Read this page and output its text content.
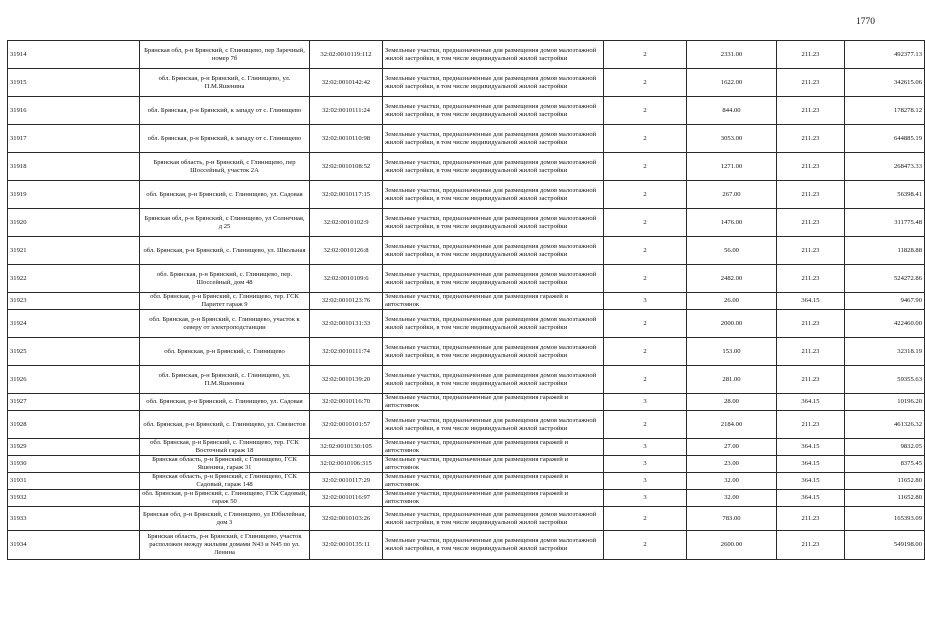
1770
31914	Брянская обл, р-н Брянский, с Глинищево, пер Заречный, номер 7б	32:02:0010119:112	Земельные участки, предназначенные для размещения домов малоэтажной жилой застройки, в том числе индивидуальной жилой застройки	2	2331.00	211.23	492377.13
31915	обл. Брянская, р-н Брянский, с. Глинищево, ул. П.М.Яшенина	32:02:0010142:42	Земельные участки, предназначенные для размещения домов малоэтажной жилой застройки, в том числе индивидуальной жилой застройки	2	1622.00	211.23	342615.06
31916	обл. Брянская, р-н Брянский, к западу от с. Глинищево	32:02:0010111:24	Земельные участки, предназначенные для размещения домов малоэтажной жилой застройки, в том числе индивидуальной жилой застройки	2	844.00	211.23	178278.12
31917	обл. Брянская, р-н Брянский, к западу от с. Глинищево	32:02:0010110:98	Земельные участки, предназначенные для размещения домов малоэтажной жилой застройки, в том числе индивидуальной жилой застройки	2	3053.00	211.23	644885.19
31918	Брянская область, р-н Брянский, с Глинищево, пер Шоссейный, участок 2А	32:02:0010108:52	Земельные участки, предназначенные для размещения домов малоэтажной жилой застройки, в том числе индивидуальной жилой застройки	2	1271.00	211.23	268473.33
31919	обл. Брянская, р-н Брянский, с. Глинищево, ул. Садовая	32:02:0010117:15	Земельные участки, предназначенные для размещения домов малоэтажной жилой застройки, в том числе индивидуальной жилой застройки	2	267.00	211.23	56398.41
31920	Брянская обл, р-н Брянский, с Глинищево, ул Солнечная, д 25	32:02:0010102:9	Земельные участки, предназначенные для размещения домов малоэтажной жилой застройки, в том числе индивидуальной жилой застройки	2	1476.00	211.23	311775.48
31921	обл. Брянская, р-н Брянский, с. Глинищево, ул. Школьная	32:02:0010126:8	Земельные участки, предназначенные для размещения домов малоэтажной жилой застройки, в том числе индивидуальной жилой застройки	2	56.00	211.23	11828.88
31922	обл. Брянская, р-н Брянский, с. Глинищево, пер. Шоссейный, дом 48	32:02:0010109:6	Земельные участки, предназначенные для размещения домов малоэтажной жилой застройки, в том числе индивидуальной жилой застройки	2	2482.00	211.23	524272.86
31923	обл. Брянская, р-н Брянский, с. Глинищево, тер. ГСК Паритет гараж 9	32:02:0010123:76	Земельные участки, предназначенные для размещения гаражей и автостоянок	3	26.00	364.15	9467.90
31924	обл. Брянская, р-н Брянский, с. Глинищево, участок к северу от электроподстанции	32:02:0010131:33	Земельные участки, предназначенные для размещения домов малоэтажной жилой застройки, в том числе индивидуальной жилой застройки	2	2000.00	211.23	422460.00
31925	обл. Брянская, р-н Брянский, с. Глинищево	32:02:0010111:74	Земельные участки, предназначенные для размещения домов малоэтажной жилой застройки, в том числе индивидуальной жилой застройки	2	153.00	211.23	32318.19
31926	обл. Брянская, р-н Брянский, с. Глинищево, ул. П.М.Яшенина	32:02:0010139:20	Земельные участки, предназначенные для размещения домов малоэтажной жилой застройки, в том числе индивидуальной жилой застройки	2	281.00	211.23	59355.63
31927	обл. Брянская, р-н Брянский, с. Глинищево, ул. Садовая	32:02:0010116:70	Земельные участки, предназначенные для размещения гаражей и автостоянок	3	28.00	364.15	10196.20
31928	обл. Брянская, р-н Брянский, с. Глинищево, ул. Связистов	32:02:0010101:57	Земельные участки, предназначенные для размещения домов малоэтажной жилой застройки, в том числе индивидуальной жилой застройки	2	2184.00	211.23	461326.32
31929	обл. Брянская, р-н Брянский, с. Глинищево, тер. ГСК Восточный гараж 18	32:02:0010130:105	Земельные участки, предназначенные для размещения гаражей и автостоянок	3	27.00	364.15	9832.05
31930	Брянская область, р-н Брянский, с Глинищево, ГСК Яшенина, гараж 31	32:02:0010106:315	Земельные участки, предназначенные для размещения гаражей и автостоянок	3	23.00	364.15	8375.45
31931	Брянская область, р-н Брянский, с Глинищево, ГСК Садовый, гараж 148	32:02:0010117:29	Земельные участки, предназначенные для размещения гаражей и автостоянок	3	32.00	364.15	11652.80
31932	обл. Брянская, р-н Брянский, с. Глинищево, ГСК Садовый, гараж 50	32:02:0010116:97	Земельные участки, предназначенные для размещения гаражей и автостоянок	3	32.00	364.15	11652.80
31933	Брянская обл, р-н Брянский, с Глинищево, ул Юбилейная, дом 3	32:02:0010103:26	Земельные участки, предназначенные для размещения домов малоэтажной жилой застройки, в том числе индивидуальной жилой застройки	2	783.00	211.23	165393.09
31934	Брянская область, р-н Брянский, с Глинищево, участок расположен между жилыми домами N43 и N45 по ул. Ленина	32:02:0010135:11	Земельные участки, предназначенные для размещения домов малоэтажной жилой застройки, в том числе индивидуальной жилой застройки	2	2600.00	211.23	549198.00
